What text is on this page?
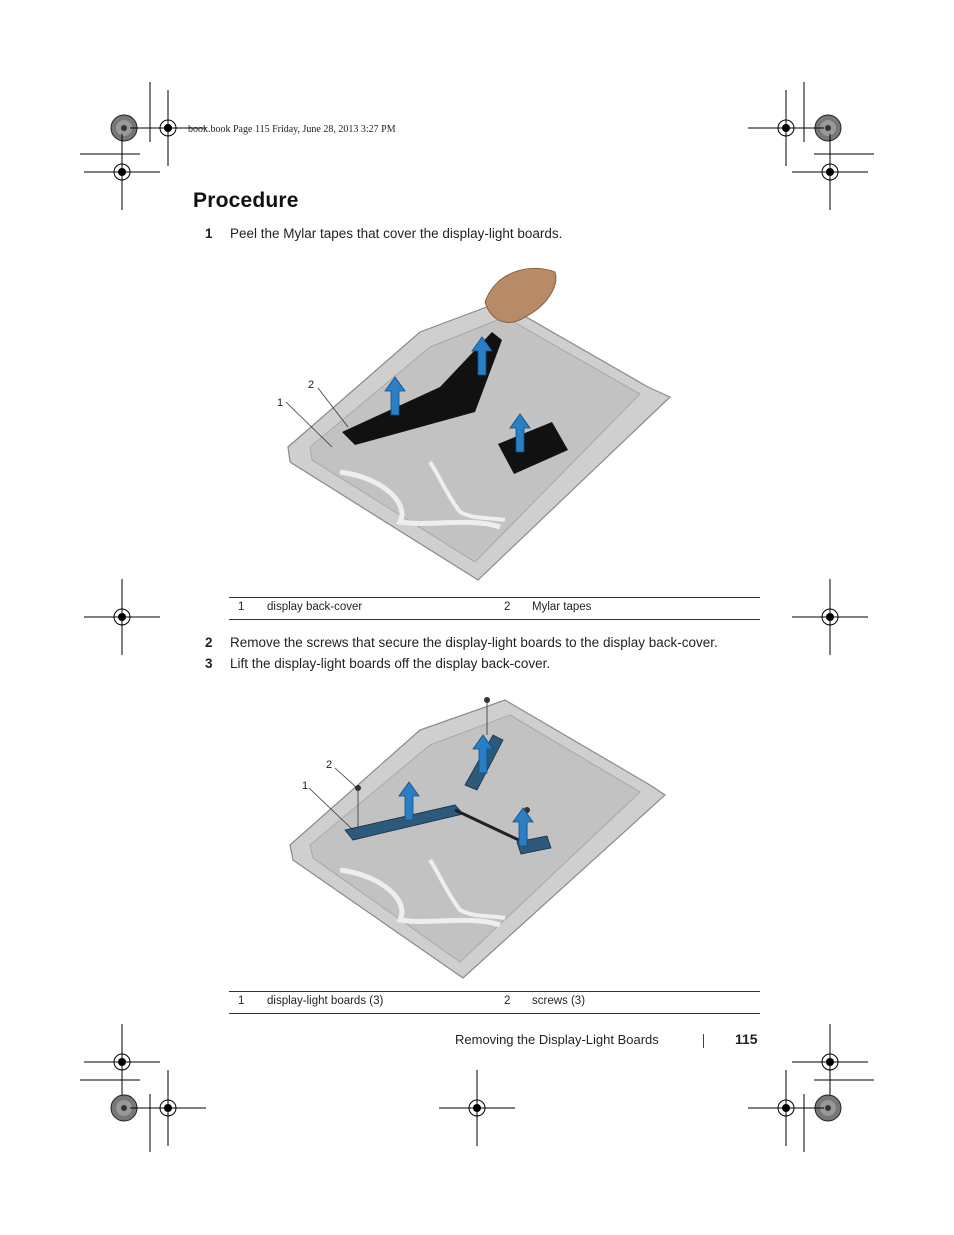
book.book Page 115 Friday, June 28, 2013 3:27 PM
Procedure
1 Peel the Mylar tapes that cover the display-light boards.
1
2
1 display back-cover	2 Mylar tapes
2 Remove the screws that secure the display-light boards to the display back-cover.
3 Lift the display-light boards off the display back-cover.
1
2
1 display-light boards (3)	2 screws (3)
Removing the Display-Light Boards	115
